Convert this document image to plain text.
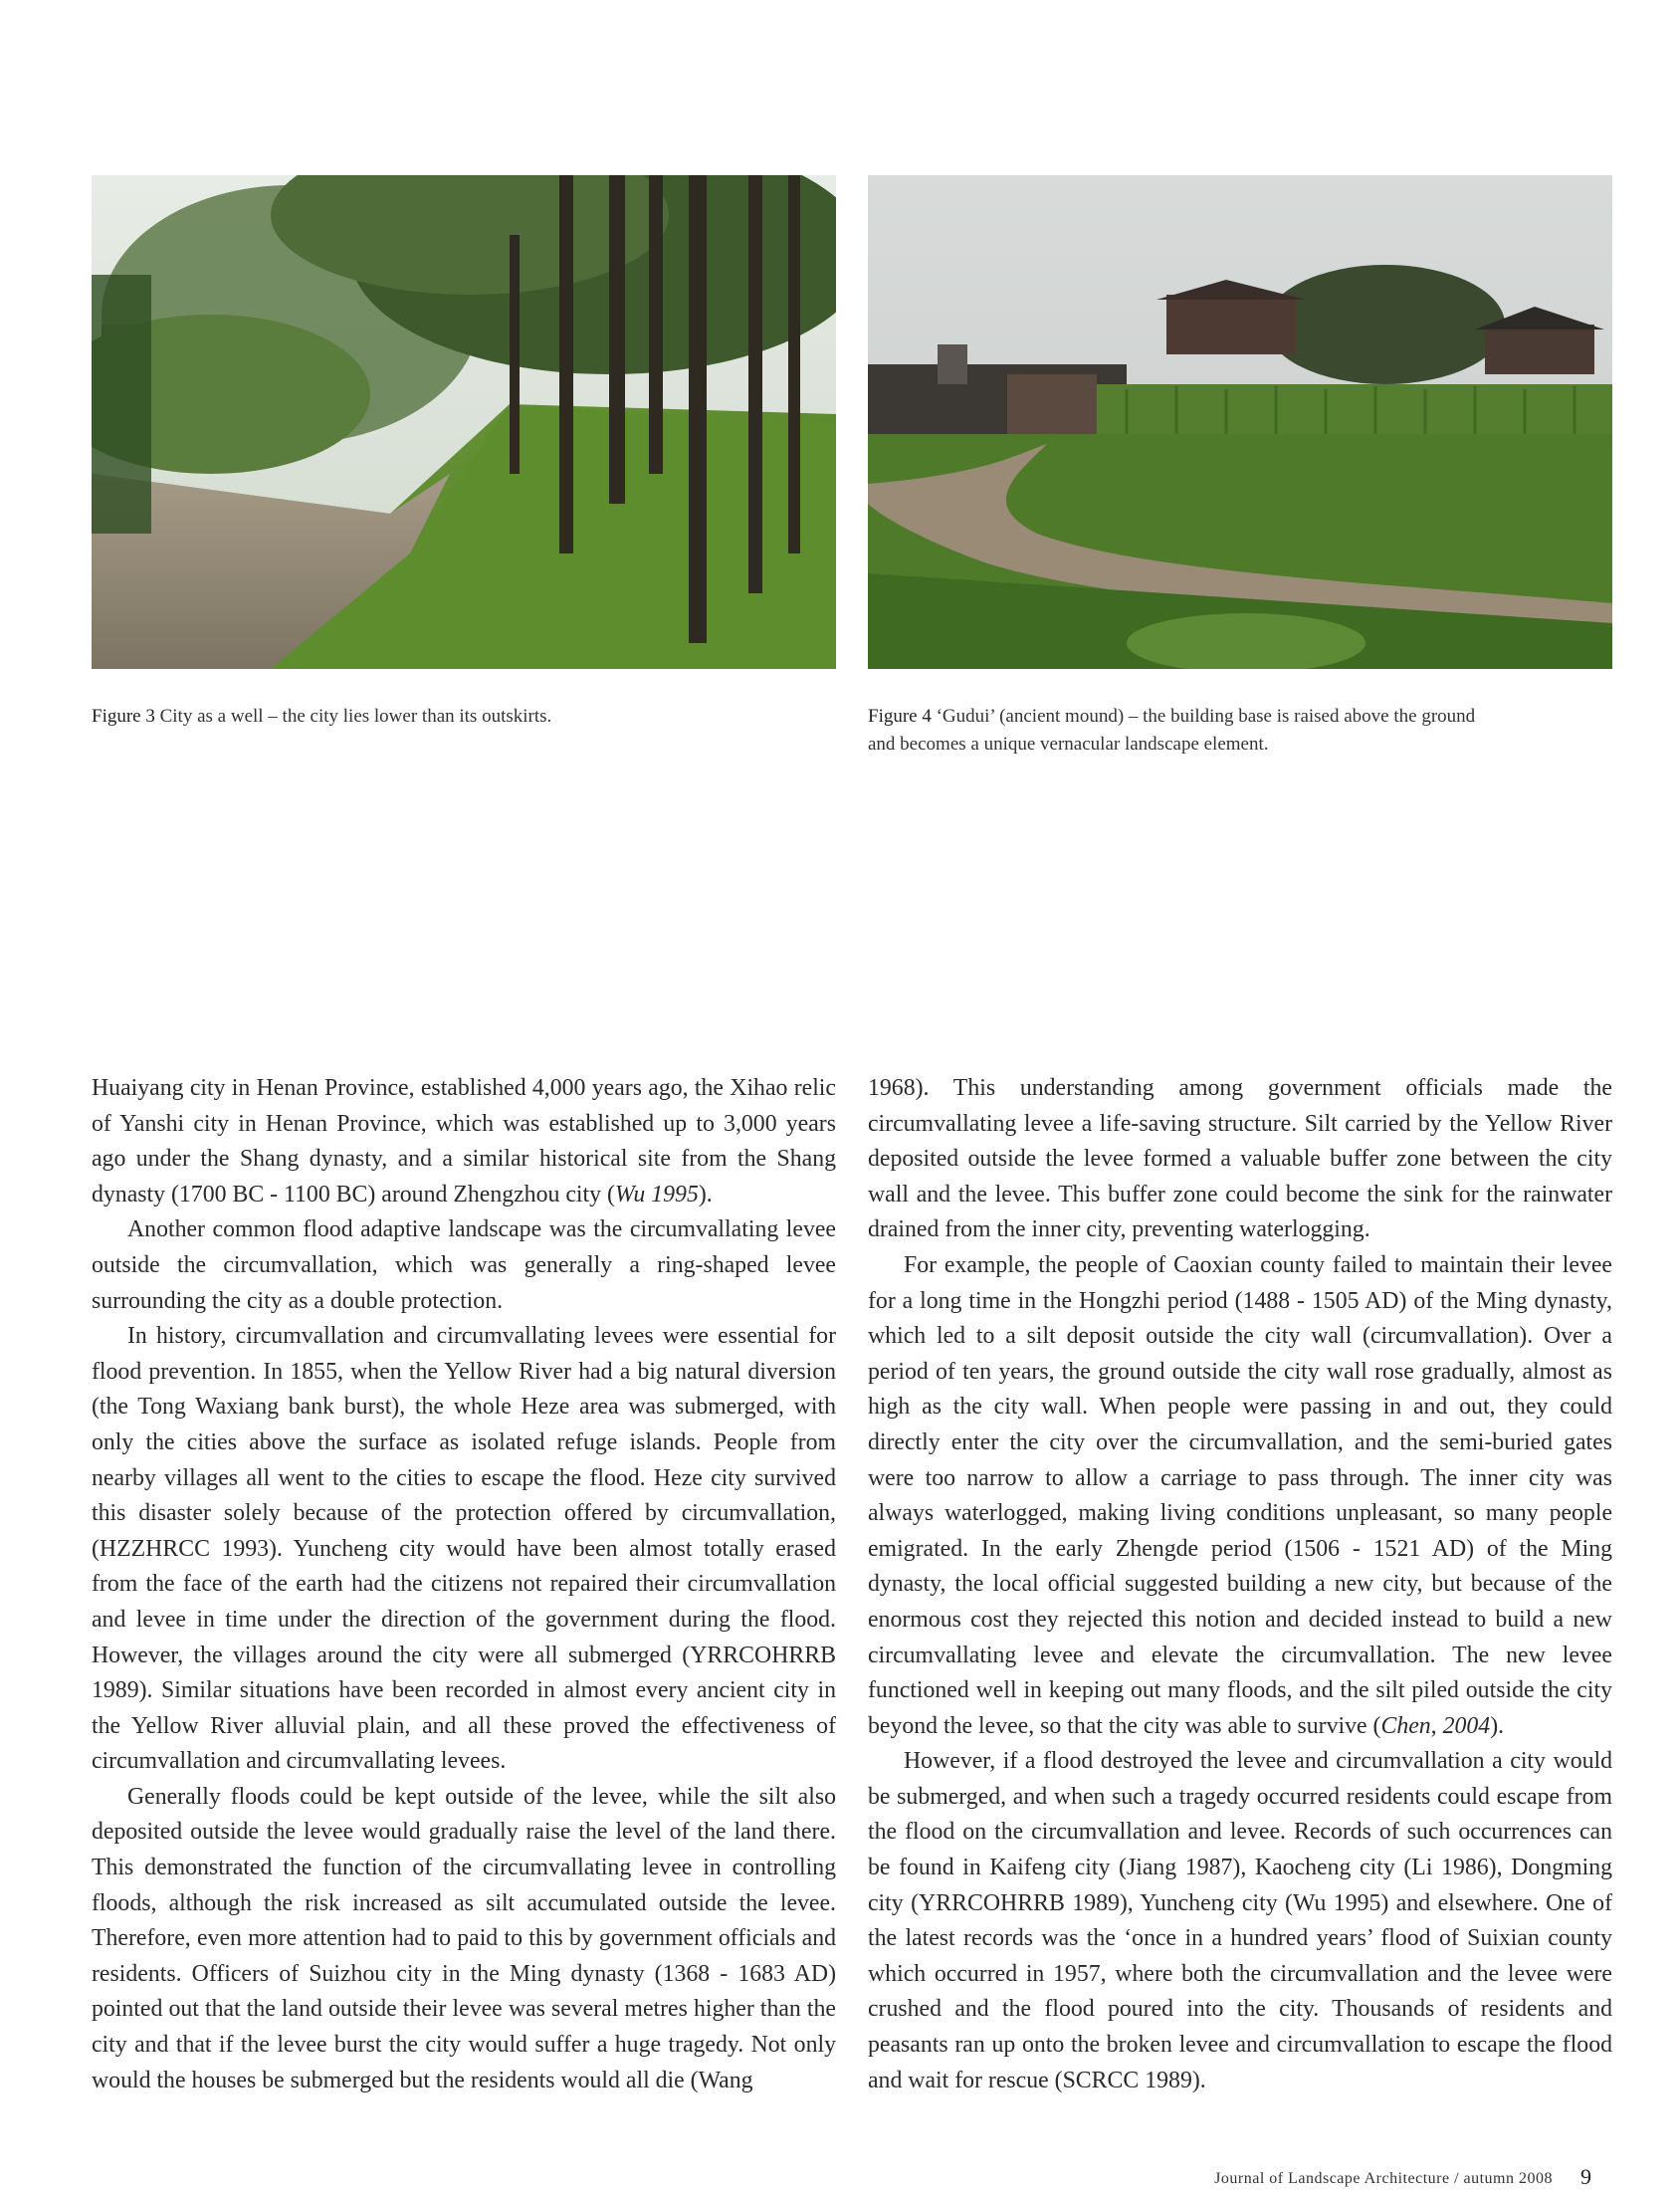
Figure 3 City as a well – the city lies lower than its outskirts.	Figure 4 ‘Gudui’ (ancient mound) – the building base is raised above the ground and becomes a unique vernacular landscape element.

Huaiyang city in Henan Province, established 4,000 years ago, the Xihao relic of Yanshi city in Henan Province, which was established up to 3,000 years ago under the Shang dynasty, and a similar historical site from the Shang dynasty (1700 BC - 1100 BC) around Zhengzhou city (Wu 1995).

Another common flood adaptive landscape was the circumvallating levee outside the circumvallation, which was generally a ring-shaped levee surrounding the city as a double protection.

In history, circumvallation and circumvallating levees were essential for flood prevention. In 1855, when the Yellow River had a big natural diversion (the Tong Waxiang bank burst), the whole Heze area was submerged, with only the cities above the surface as isolated refuge islands. People from nearby villages all went to the cities to escape the flood. Heze city survived this disaster solely because of the protection offered by circumvallation, (HZZHRCC 1993). Yuncheng city would have been almost totally erased from the face of the earth had the citizens not repaired their circumvallation and levee in time under the direction of the government during the flood. However, the villages around the city were all submerged (YRRCOHRRB 1989). Similar situations have been recorded in almost every ancient city in the Yellow River alluvial plain, and all these proved the effectiveness of circumvallation and circumvallating levees.

Generally floods could be kept outside of the levee, while the silt also deposited outside the levee would gradually raise the level of the land there. This demonstrated the function of the circumvallating levee in controlling floods, although the risk increased as silt accumulated outside the levee. Therefore, even more attention had to paid to this by government officials and residents. Officers of Suizhou city in the Ming dynasty (1368 - 1683 AD) pointed out that the land outside their levee was several metres higher than the city and that if the levee burst the city would suffer a huge tragedy. Not only would the houses be submerged but the residents would all die (Wang

1968). This understanding among government officials made the circumvallating levee a life-saving structure. Silt carried by the Yellow River deposited outside the levee formed a valuable buffer zone between the city wall and the levee. This buffer zone could become the sink for the rainwater drained from the inner city, preventing waterlogging.

For example, the people of Caoxian county failed to maintain their levee for a long time in the Hongzhi period (1488 - 1505 AD) of the Ming dynasty, which led to a silt deposit outside the city wall (circumvallation). Over a period of ten years, the ground outside the city wall rose gradually, almost as high as the city wall. When people were passing in and out, they could directly enter the city over the circumvallation, and the semi-buried gates were too narrow to allow a carriage to pass through. The inner city was always waterlogged, making living conditions unpleasant, so many people emigrated. In the early Zhengde period (1506 - 1521 AD) of the Ming dynasty, the local official suggested building a new city, but because of the enormous cost they rejected this notion and decided instead to build a new circumvallating levee and elevate the circumvallation. The new levee functioned well in keeping out many floods, and the silt piled outside the city beyond the levee, so that the city was able to survive (Chen, 2004).

However, if a flood destroyed the levee and circumvallation a city would be submerged, and when such a tragedy occurred residents could escape from the flood on the circumvallation and levee. Records of such occurrences can be found in Kaifeng city (Jiang 1987), Kaocheng city (Li 1986), Dongming city (YRRCOHRRB 1989), Yuncheng city (Wu 1995) and elsewhere. One of the latest records was the ‘once in a hundred years’ flood of Suixian county which occurred in 1957, where both the circumvallation and the levee were crushed and the flood poured into the city. Thousands of residents and peasants ran up onto the broken levee and circumvallation to escape the flood and wait for rescue (SCRCC 1989).

Journal of Landscape Architecture / autumn 2008 9
